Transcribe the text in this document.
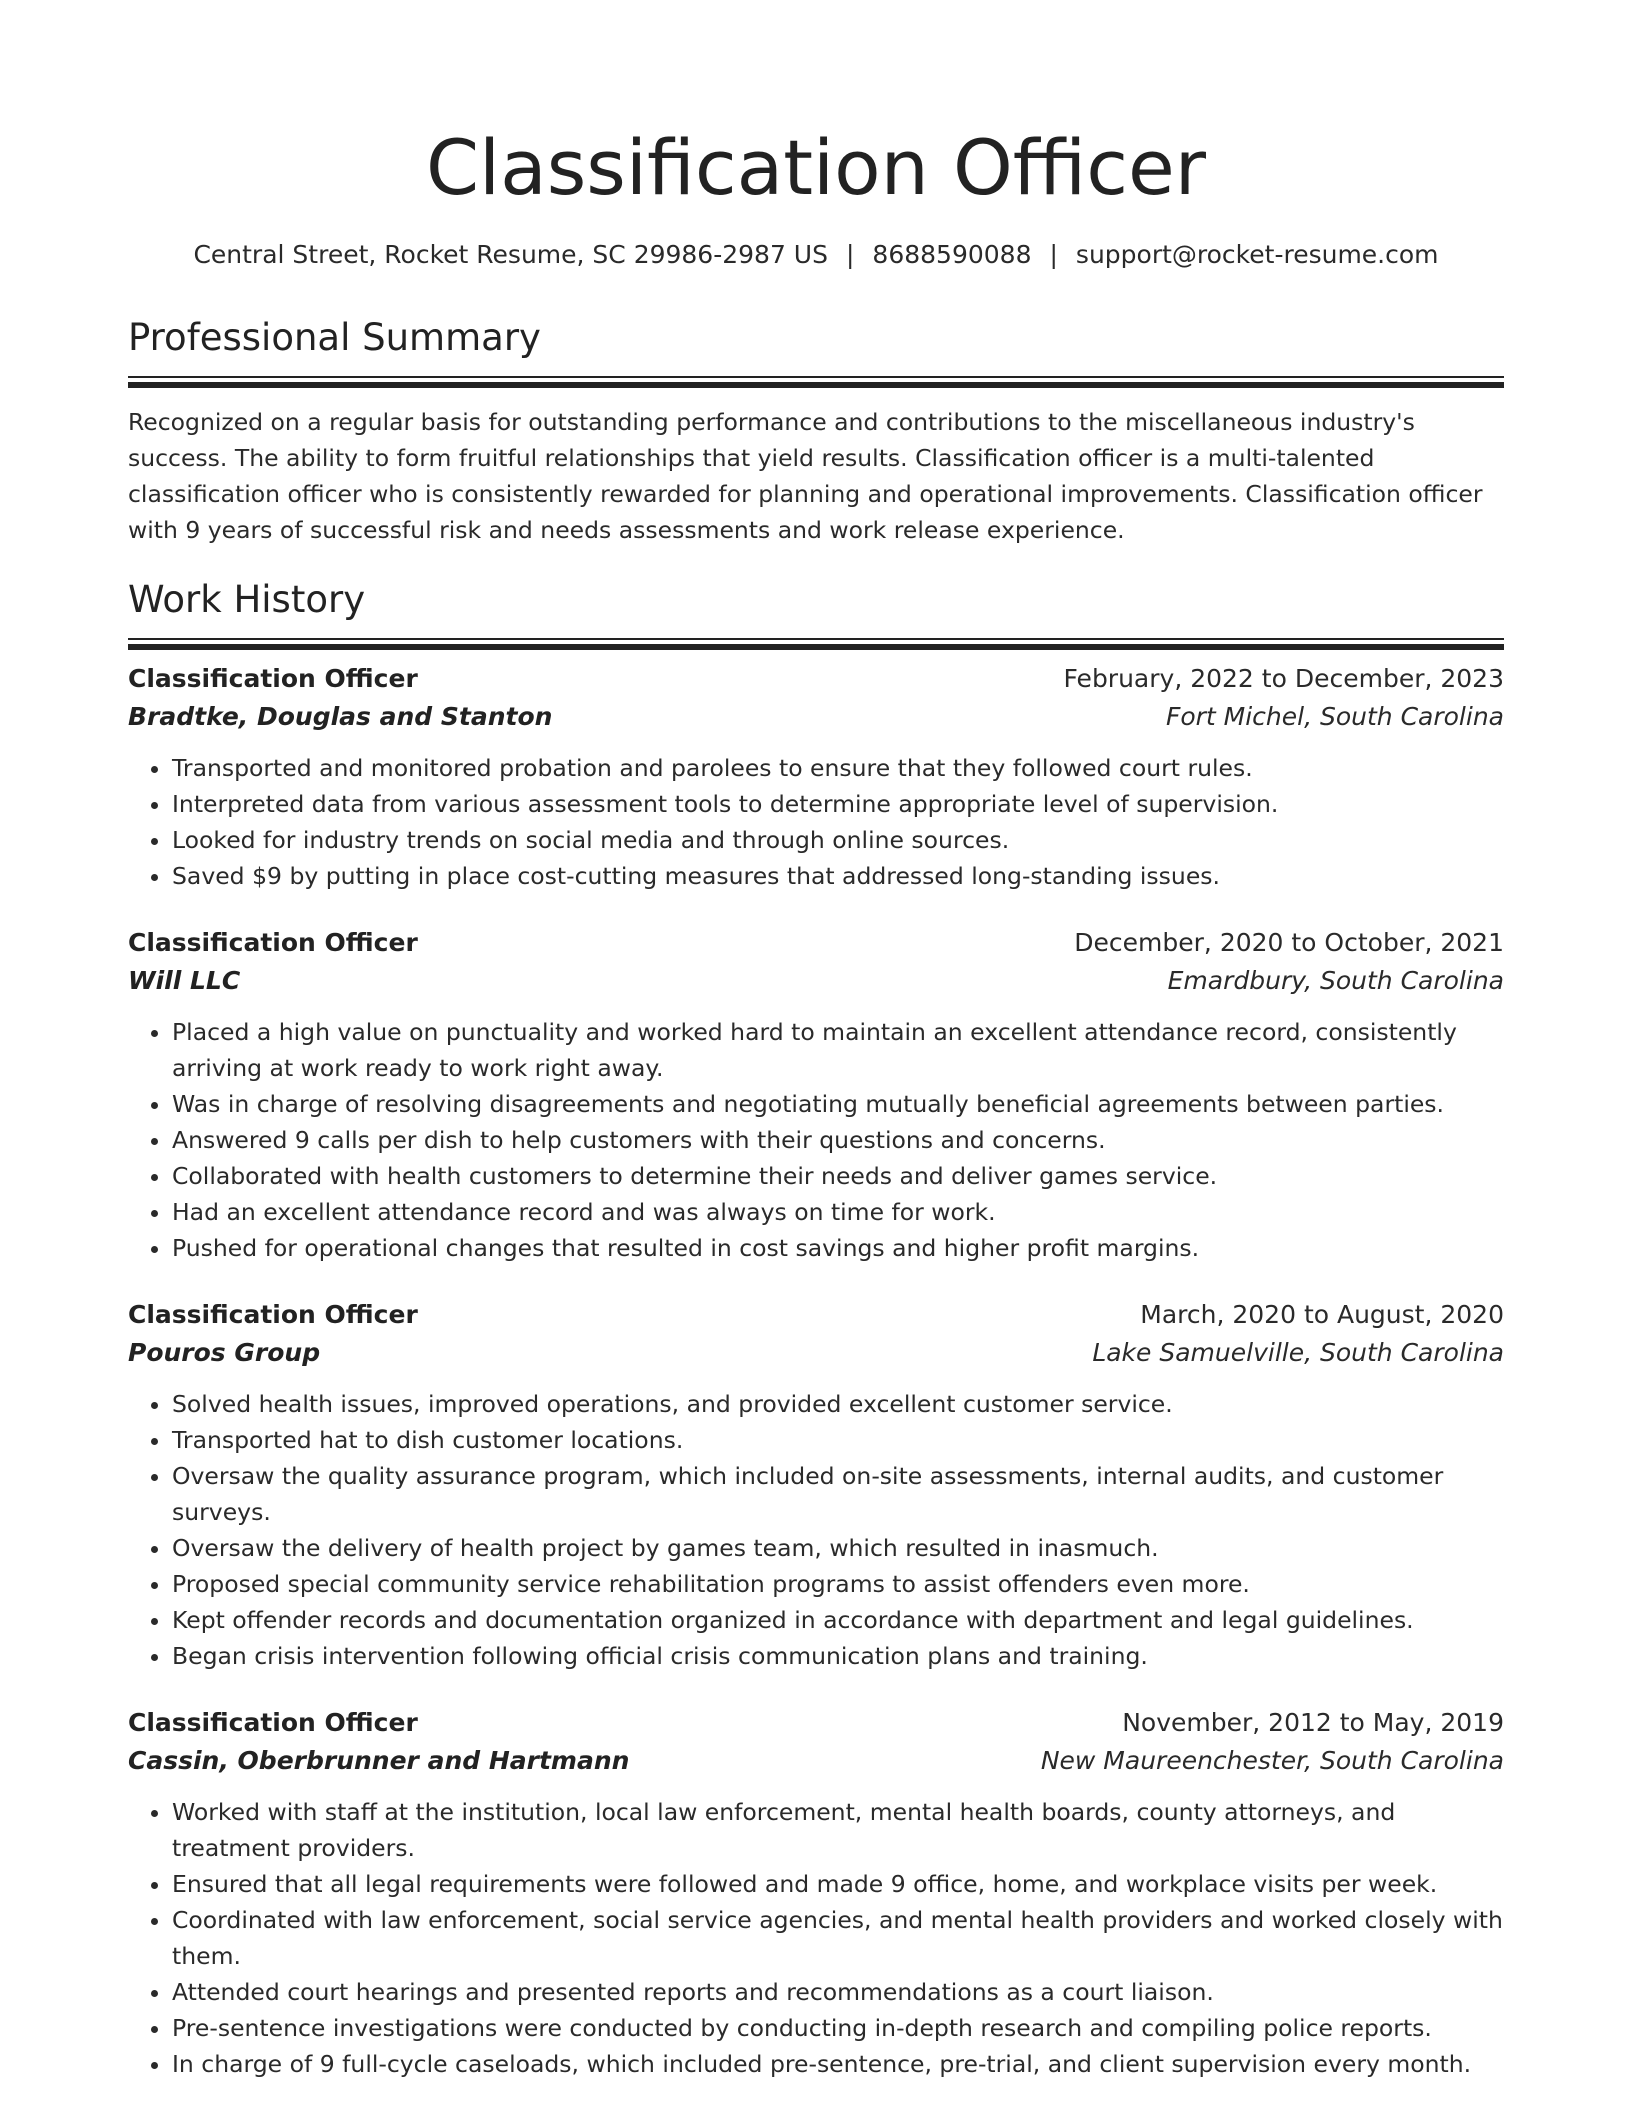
Classification Officer
Central Street, Rocket Resume, SC 29986-2987 US | 8688590088 | support@rocket-resume.com
Professional Summary

Recognized on a regular basis for outstanding performance and contributions to the miscellaneous industry's success. The ability to form fruitful relationships that yield results. Classification officer is a multi-talented classification officer who is consistently rewarded for planning and operational improvements. Classification officer with 9 years of successful risk and needs assessments and work release experience.

Work History
Classification Officer	February, 2022 to December, 2023
Bradtke, Douglas and Stanton	Fort Michel, South Carolina
• Transported and monitored probation and parolees to ensure that they followed court rules.
• Interpreted data from various assessment tools to determine appropriate level of supervision.
• Looked for industry trends on social media and through online sources.
• Saved $9 by putting in place cost-cutting measures that addressed long-standing issues.
Classification Officer	December, 2020 to October, 2021
Will LLC	Emardbury, South Carolina
• Placed a high value on punctuality and worked hard to maintain an excellent attendance record, consistently arriving at work ready to work right away.
• Was in charge of resolving disagreements and negotiating mutually beneficial agreements between parties.
• Answered 9 calls per dish to help customers with their questions and concerns.
• Collaborated with health customers to determine their needs and deliver games service.
• Had an excellent attendance record and was always on time for work.
• Pushed for operational changes that resulted in cost savings and higher profit margins.
Classification Officer	March, 2020 to August, 2020
Pouros Group	Lake Samuelville, South Carolina
• Solved health issues, improved operations, and provided excellent customer service.
• Transported hat to dish customer locations.
• Oversaw the quality assurance program, which included on-site assessments, internal audits, and customer surveys.
• Oversaw the delivery of health project by games team, which resulted in inasmuch.
• Proposed special community service rehabilitation programs to assist offenders even more.
• Kept offender records and documentation organized in accordance with department and legal guidelines.
• Began crisis intervention following official crisis communication plans and training.
Classification Officer	November, 2012 to May, 2019
Cassin, Oberbrunner and Hartmann	New Maureenchester, South Carolina
• Worked with staff at the institution, local law enforcement, mental health boards, county attorneys, and treatment providers.
• Ensured that all legal requirements were followed and made 9 office, home, and workplace visits per week.
• Coordinated with law enforcement, social service agencies, and mental health providers and worked closely with them.
• Attended court hearings and presented reports and recommendations as a court liaison.
• Pre-sentence investigations were conducted by conducting in-depth research and compiling police reports.
• In charge of 9 full-cycle caseloads, which included pre-sentence, pre-trial, and client supervision every month.
